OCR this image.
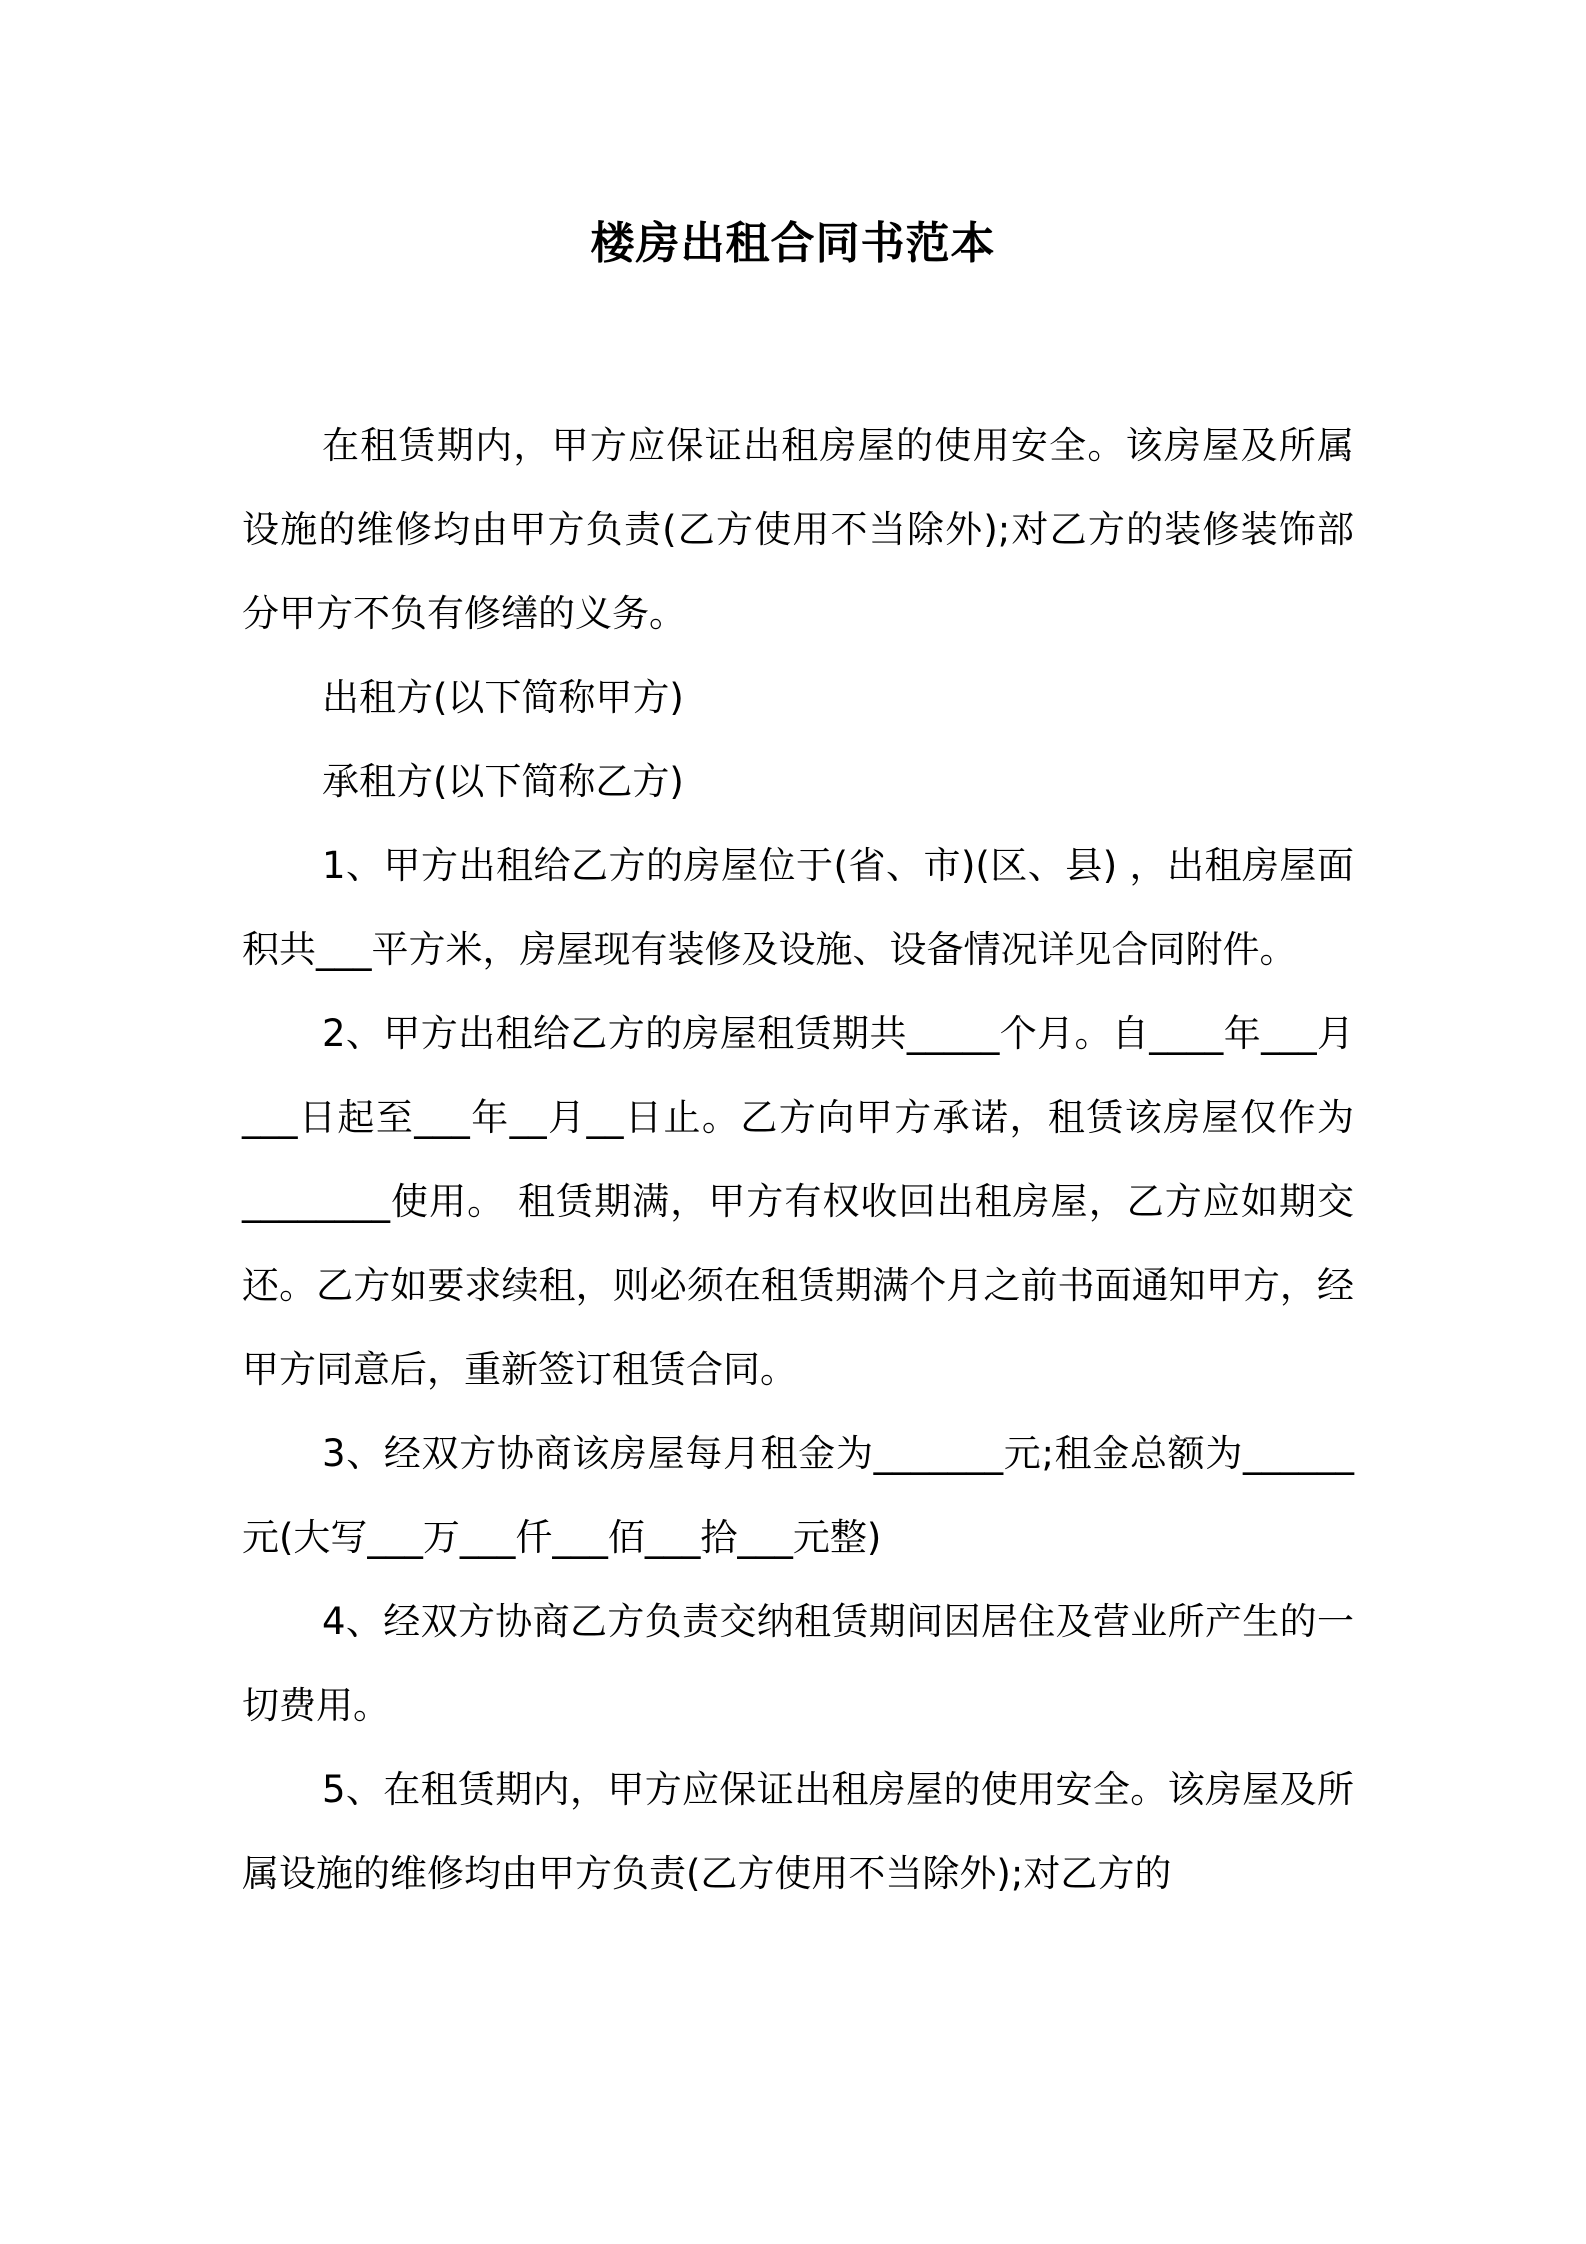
楼房出租合同书范本

在租赁期内，甲方应保证出租房屋的使用安全。该房屋及所属设施的维修均由甲方负责(乙方使用不当除外);对乙方的装修装饰部分甲方不负有修缮的义务。

出租方(以下简称甲方)

承租方(以下简称乙方)

1、甲方出租给乙方的房屋位于(省、市)(区、县) ，出租房屋面积共___平方米，房屋现有装修及设施、设备情况详见合同附件。

2、甲方出租给乙方的房屋租赁期共_____个月。自____年___月___日起至___年__月__日止。乙方向甲方承诺，租赁该房屋仅作为 ________使用。 租赁期满，甲方有权收回出租房屋，乙方应如期交还。乙方如要求续租，则必须在租赁期满个月之前书面通知甲方，经甲方同意后，重新签订租赁合同。

3、经双方协商该房屋每月租金为_______元;租金总额为______元(大写___万___仟___佰___拾___元整)

4、经双方协商乙方负责交纳租赁期间因居住及营业所产生的一切费用。

5、在租赁期内，甲方应保证出租房屋的使用安全。该房屋及所属设施的维修均由甲方负责(乙方使用不当除外);对乙方的
